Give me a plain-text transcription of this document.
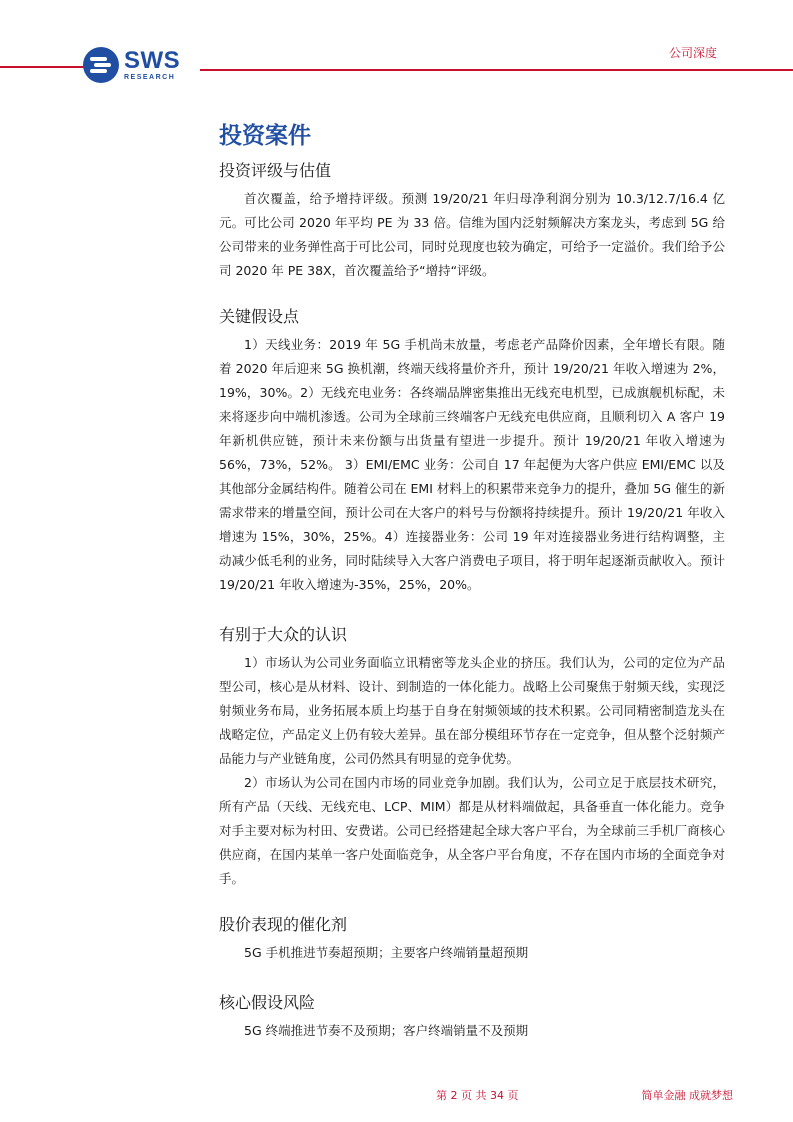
SWS
RESEARCH
公司深度
投资案件
投资评级与估值

首次覆盖，给予增持评级。预测 19/20/21 年归母净利润分别为 10.3/12.7/16.4 亿元。可比公司 2020 年平均 PE 为 33 倍。信维为国内泛射频解决方案龙头，考虑到 5G 给公司带来的业务弹性高于可比公司，同时兑现度也较为确定，可给予一定溢价。我们给予公司 2020 年 PE 38X，首次覆盖给予“增持“评级。

关键假设点

1）天线业务：2019 年 5G 手机尚未放量，考虑老产品降价因素，全年增长有限。随着 2020 年后迎来 5G 换机潮，终端天线将量价齐升，预计 19/20/21 年收入增速为 2%，19%，30%。2）无线充电业务：各终端品牌密集推出无线充电机型，已成旗舰机标配，未来将逐步向中端机渗透。公司为全球前三终端客户无线充电供应商，且顺利切入 A 客户 19 年新机供应链，预计未来份额与出货量有望进一步提升。预计 19/20/21 年收入增速为 56%，73%，52%。 3）EMI/EMC 业务：公司自 17 年起便为大客户供应 EMI/EMC 以及其他部分金属结构件。随着公司在 EMI 材料上的积累带来竞争力的提升，叠加 5G 催生的新需求带来的增量空间，预计公司在大客户的料号与份额将持续提升。预计 19/20/21 年收入增速为 15%，30%，25%。4）连接器业务：公司 19 年对连接器业务进行结构调整，主动减少低毛利的业务，同时陆续导入大客户消费电子项目，将于明年起逐渐贡献收入。预计 19/20/21 年收入增速为-35%，25%，20%。

有别于大众的认识

1）市场认为公司业务面临立讯精密等龙头企业的挤压。我们认为，公司的定位为产品型公司，核心是从材料、设计、到制造的一体化能力。战略上公司聚焦于射频天线，实现泛射频业务布局，业务拓展本质上均基于自身在射频领域的技术积累。公司同精密制造龙头在战略定位，产品定义上仍有较大差异。虽在部分模组环节存在一定竞争，但从整个泛射频产品能力与产业链角度，公司仍然具有明显的竞争优势。

2）市场认为公司在国内市场的同业竞争加剧。我们认为，公司立足于底层技术研究，所有产品（天线、无线充电、LCP、MIM）都是从材料端做起，具备垂直一体化能力。竞争对手主要对标为村田、安费诺。公司已经搭建起全球大客户平台，为全球前三手机厂商核心供应商，在国内某单一客户处面临竞争，从全客户平台角度，不存在国内市场的全面竞争对手。

股价表现的催化剂

5G 手机推进节奏超预期；主要客户终端销量超预期

核心假设风险

5G 终端推进节奏不及预期；客户终端销量不及预期

第 2 页 共 34 页	简单金融 成就梦想
